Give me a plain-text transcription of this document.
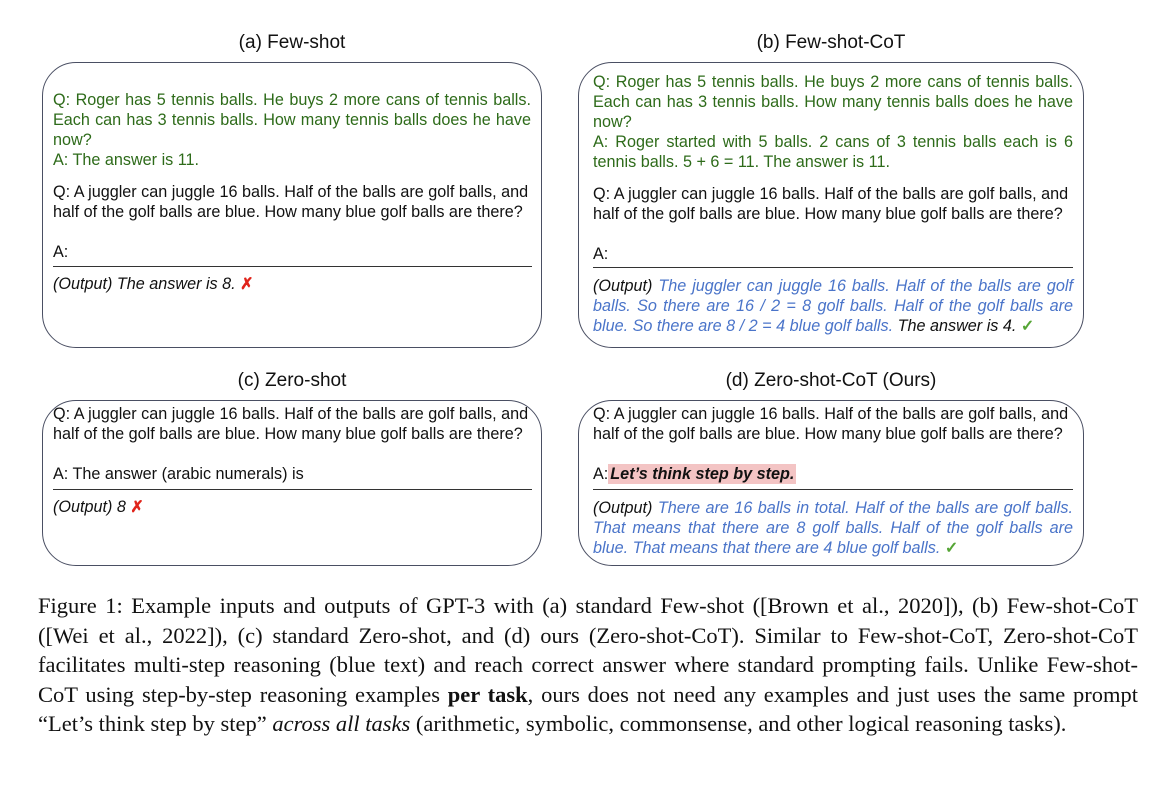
(a) Few-shot
Q: Roger has 5 tennis balls. He buys 2 more cans of tennis balls. Each can has 3 tennis balls. How many tennis balls does he have now?
A: The answer is 11.
Q: A juggler can juggle 16 balls. Half of the balls are golf balls, and half of the golf balls are blue. How many blue golf balls are there?
A:
(Output) The answer is 8. ✗
(b) Few-shot-CoT
Q: Roger has 5 tennis balls. He buys 2 more cans of tennis balls. Each can has 3 tennis balls. How many tennis balls does he have now?
A: Roger started with 5 balls. 2 cans of 3 tennis balls each is 6 tennis balls. 5 + 6 = 11. The answer is 11.
Q: A juggler can juggle 16 balls. Half of the balls are golf balls, and half of the golf balls are blue. How many blue golf balls are there?
A:
(Output) The juggler can juggle 16 balls. Half of the balls are golf balls. So there are 16 / 2 = 8 golf balls. Half of the golf balls are blue. So there are 8 / 2 = 4 blue golf balls. The answer is 4. ✓
(c) Zero-shot
Q: A juggler can juggle 16 balls. Half of the balls are golf balls, and half of the golf balls are blue. How many blue golf balls are there?
A: The answer (arabic numerals) is
(Output) 8 ✗
(d) Zero-shot-CoT (Ours)
Q: A juggler can juggle 16 balls. Half of the balls are golf balls, and half of the golf balls are blue. How many blue golf balls are there?
A: Let’s think step by step.
(Output) There are 16 balls in total. Half of the balls are golf balls. That means that there are 8 golf balls. Half of the golf balls are blue. That means that there are 4 blue golf balls. ✓
Figure 1: Example inputs and outputs of GPT-3 with (a) standard Few-shot ([Brown et al., 2020]), (b) Few-shot-CoT ([Wei et al., 2022]), (c) standard Zero-shot, and (d) ours (Zero-shot-CoT). Similar to Few-shot-CoT, Zero-shot-CoT facilitates multi-step reasoning (blue text) and reach correct answer where standard prompting fails. Unlike Few-shot-CoT using step-by-step reasoning examples per task, ours does not need any examples and just uses the same prompt “Let’s think step by step” across all tasks (arithmetic, symbolic, commonsense, and other logical reasoning tasks).
